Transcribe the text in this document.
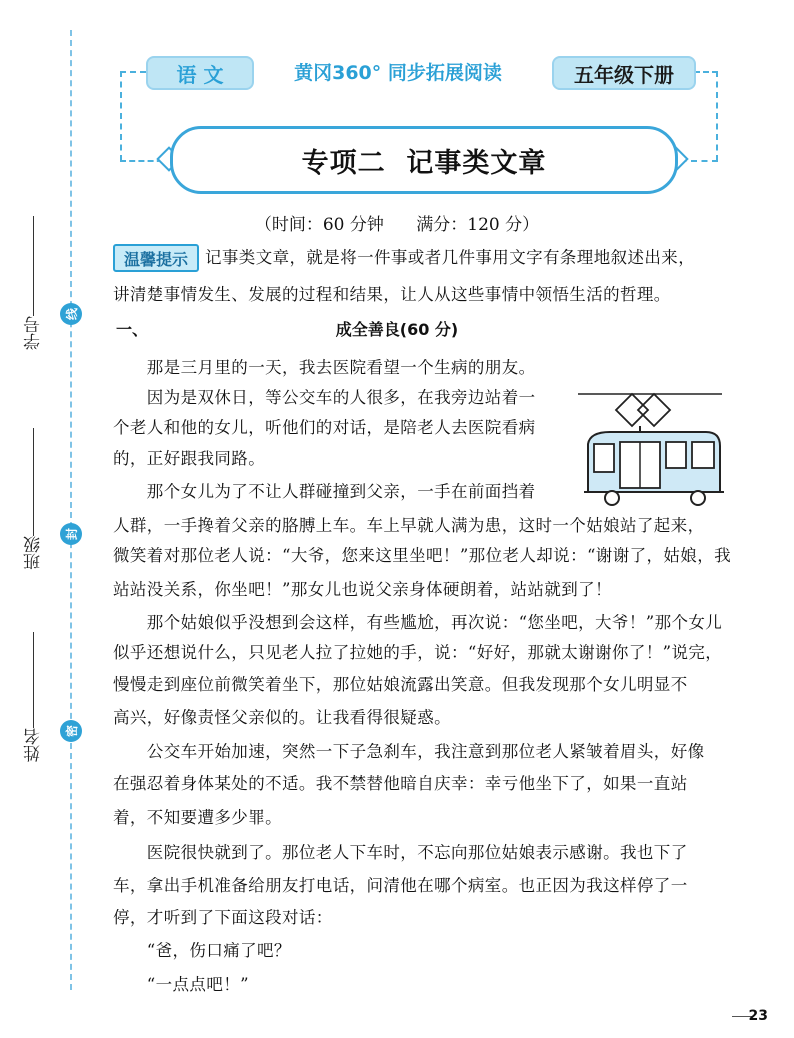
线
封
密
学号
班级
姓名
语 文	黄冈360° 同步拓展阅读	五年级下册
专项二  记事类文章
（时间：60 分钟      满分：120 分）
温馨提示	记事类文章，就是将一件事或者几件事用文字有条理地叙述出来，
讲清楚事情发生、发展的过程和结果，让人从这些事情中领悟生活的哲理。
一、	成全善良(60 分)
　　那是三月里的一天，我去医院看望一个生病的朋友。
　　因为是双休日，等公交车的人很多，在我旁边站着一
个老人和他的女儿，听他们的对话，是陪老人去医院看病
的，正好跟我同路。
　　那个女儿为了不让人群碰撞到父亲，一手在前面挡着
人群，一手搀着父亲的胳膊上车。车上早就人满为患，这时一个姑娘站了起来，
微笑着对那位老人说：“大爷，您来这里坐吧！”那位老人却说：“谢谢了，姑娘，我
站站没关系，你坐吧！”那女儿也说父亲身体硬朗着，站站就到了！
　　那个姑娘似乎没想到会这样，有些尴尬，再次说：“您坐吧，大爷！”那个女儿
似乎还想说什么，只见老人拉了拉她的手，说：“好好，那就太谢谢你了！”说完，
慢慢走到座位前微笑着坐下，那位姑娘流露出笑意。但我发现那个女儿明显不
高兴，好像责怪父亲似的。让我看得很疑惑。
　　公交车开始加速，突然一下子急刹车，我注意到那位老人紧皱着眉头，好像
在强忍着身体某处的不适。我不禁替他暗自庆幸：幸亏他坐下了，如果一直站
着，不知要遭多少罪。
　　医院很快就到了。那位老人下车时，不忘向那位姑娘表示感谢。我也下了
车，拿出手机准备给朋友打电话，问清他在哪个病室。也正因为我这样停了一
停，才听到了下面这段对话：
　　“爸，伤口痛了吧？
　　“一点点吧！”
23
